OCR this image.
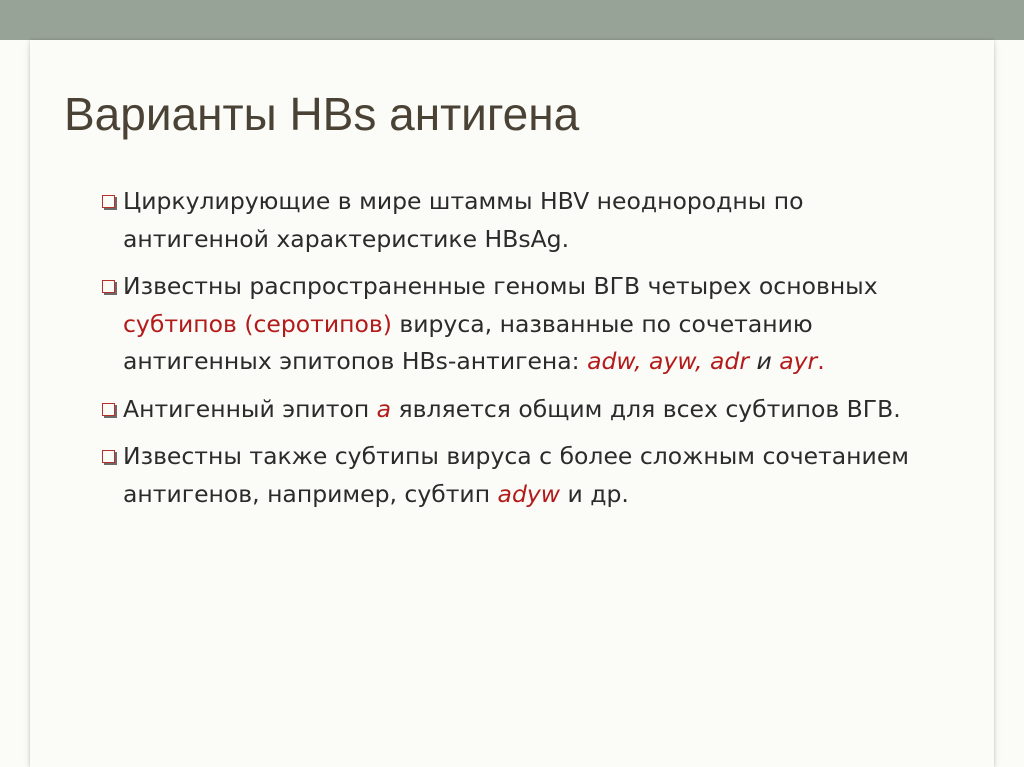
Варианты HBs антигена
Циркулирующие в мире штаммы HBV неоднородны по антигенной характеристике HBsAg.
Известны распространенные геномы ВГВ четырех основных субтипов (серотипов) вируса, названные по сочетанию антигенных эпитопов HBs-антигена: adw, ayw, adr и ayr.
Антигенный эпитоп a является общим для всех субтипов ВГВ.
Известны также субтипы вируса с более сложным сочетанием антигенов, например, субтип adyw и др.
